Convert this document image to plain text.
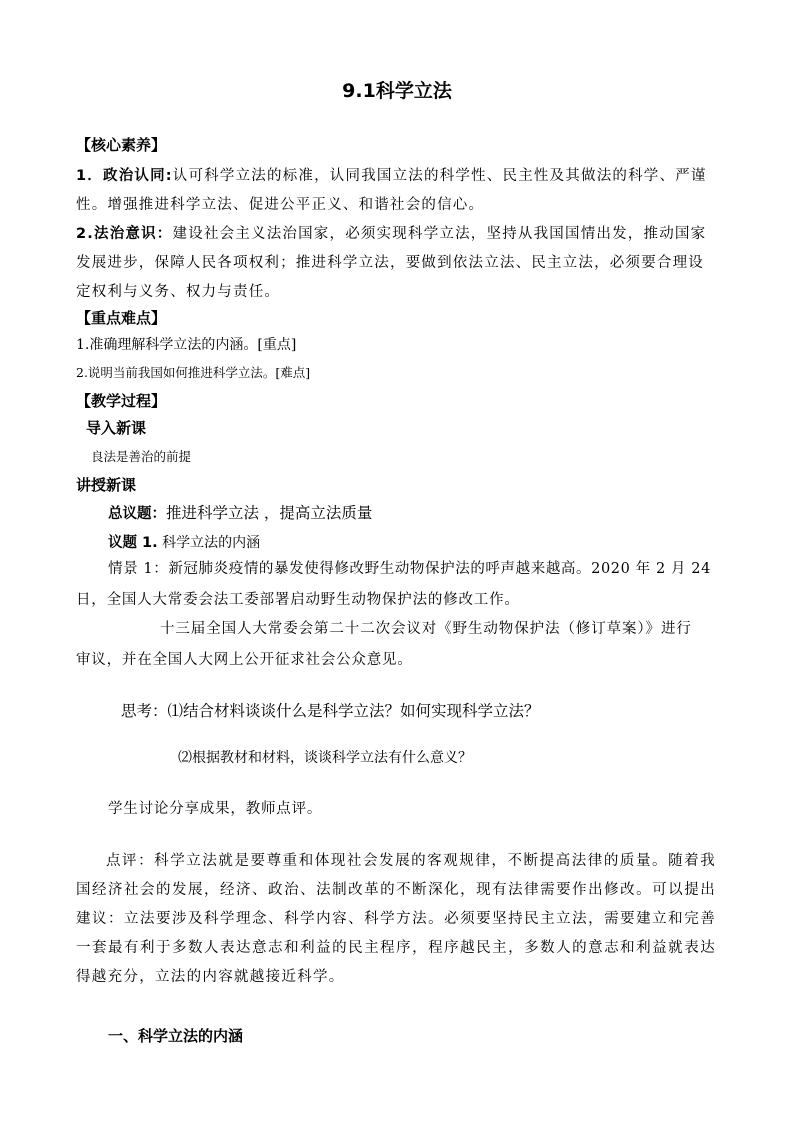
9.1科学立法
【核心素养】
1．政治认同:认可科学立法的标准，认同我国立法的科学性、民主性及其做法的科学、严谨
性。增强推进科学立法、促进公平正义、和谐社会的信心。
2.法治意识：建设社会主义法治国家，必须实现科学立法，坚持从我国国情出发，推动国家
发展进步，保障人民各项权利；推进科学立法，要做到依法立法、民主立法，必须要合理设
定权利与义务、权力与责任。
【重点难点】
1.准确理解科学立法的内涵。[重点]
2.说明当前我国如何推进科学立法。[难点]
【教学过程】
导入新课
良法是善治的前提
讲授新课
总议题：推进科学立法 ，提高立法质量
议题 1. 科学立法的内涵
情景 1：新冠肺炎疫情的暴发使得修改野生动物保护法的呼声越来越高。2020 年 2 月 24
日，全国人大常委会法工委部署启动野生动物保护法的修改工作。
十三届全国人大常委会第二十二次会议对《野生动物保护法（修订草案）》进行
审议，并在全国人大网上公开征求社会公众意见。
思考：⑴结合材料谈谈什么是科学立法？如何实现科学立法？
⑵根据教材和材料，谈谈科学立法有什么意义？
学生讨论分享成果，教师点评。
点评：科学立法就是要尊重和体现社会发展的客观规律，不断提高法律的质量。随着我国经济社会的发展，经济、政治、法制改革的不断深化，现有法律需要作出修改。可以提出建议：立法要涉及科学理念、科学内容、科学方法。必须要坚持民主立法，需要建立和完善一套最有利于多数人表达意志和利益的民主程序，程序越民主，多数人的意志和利益就表达得越充分，立法的内容就越接近科学。
一、科学立法的内涵
